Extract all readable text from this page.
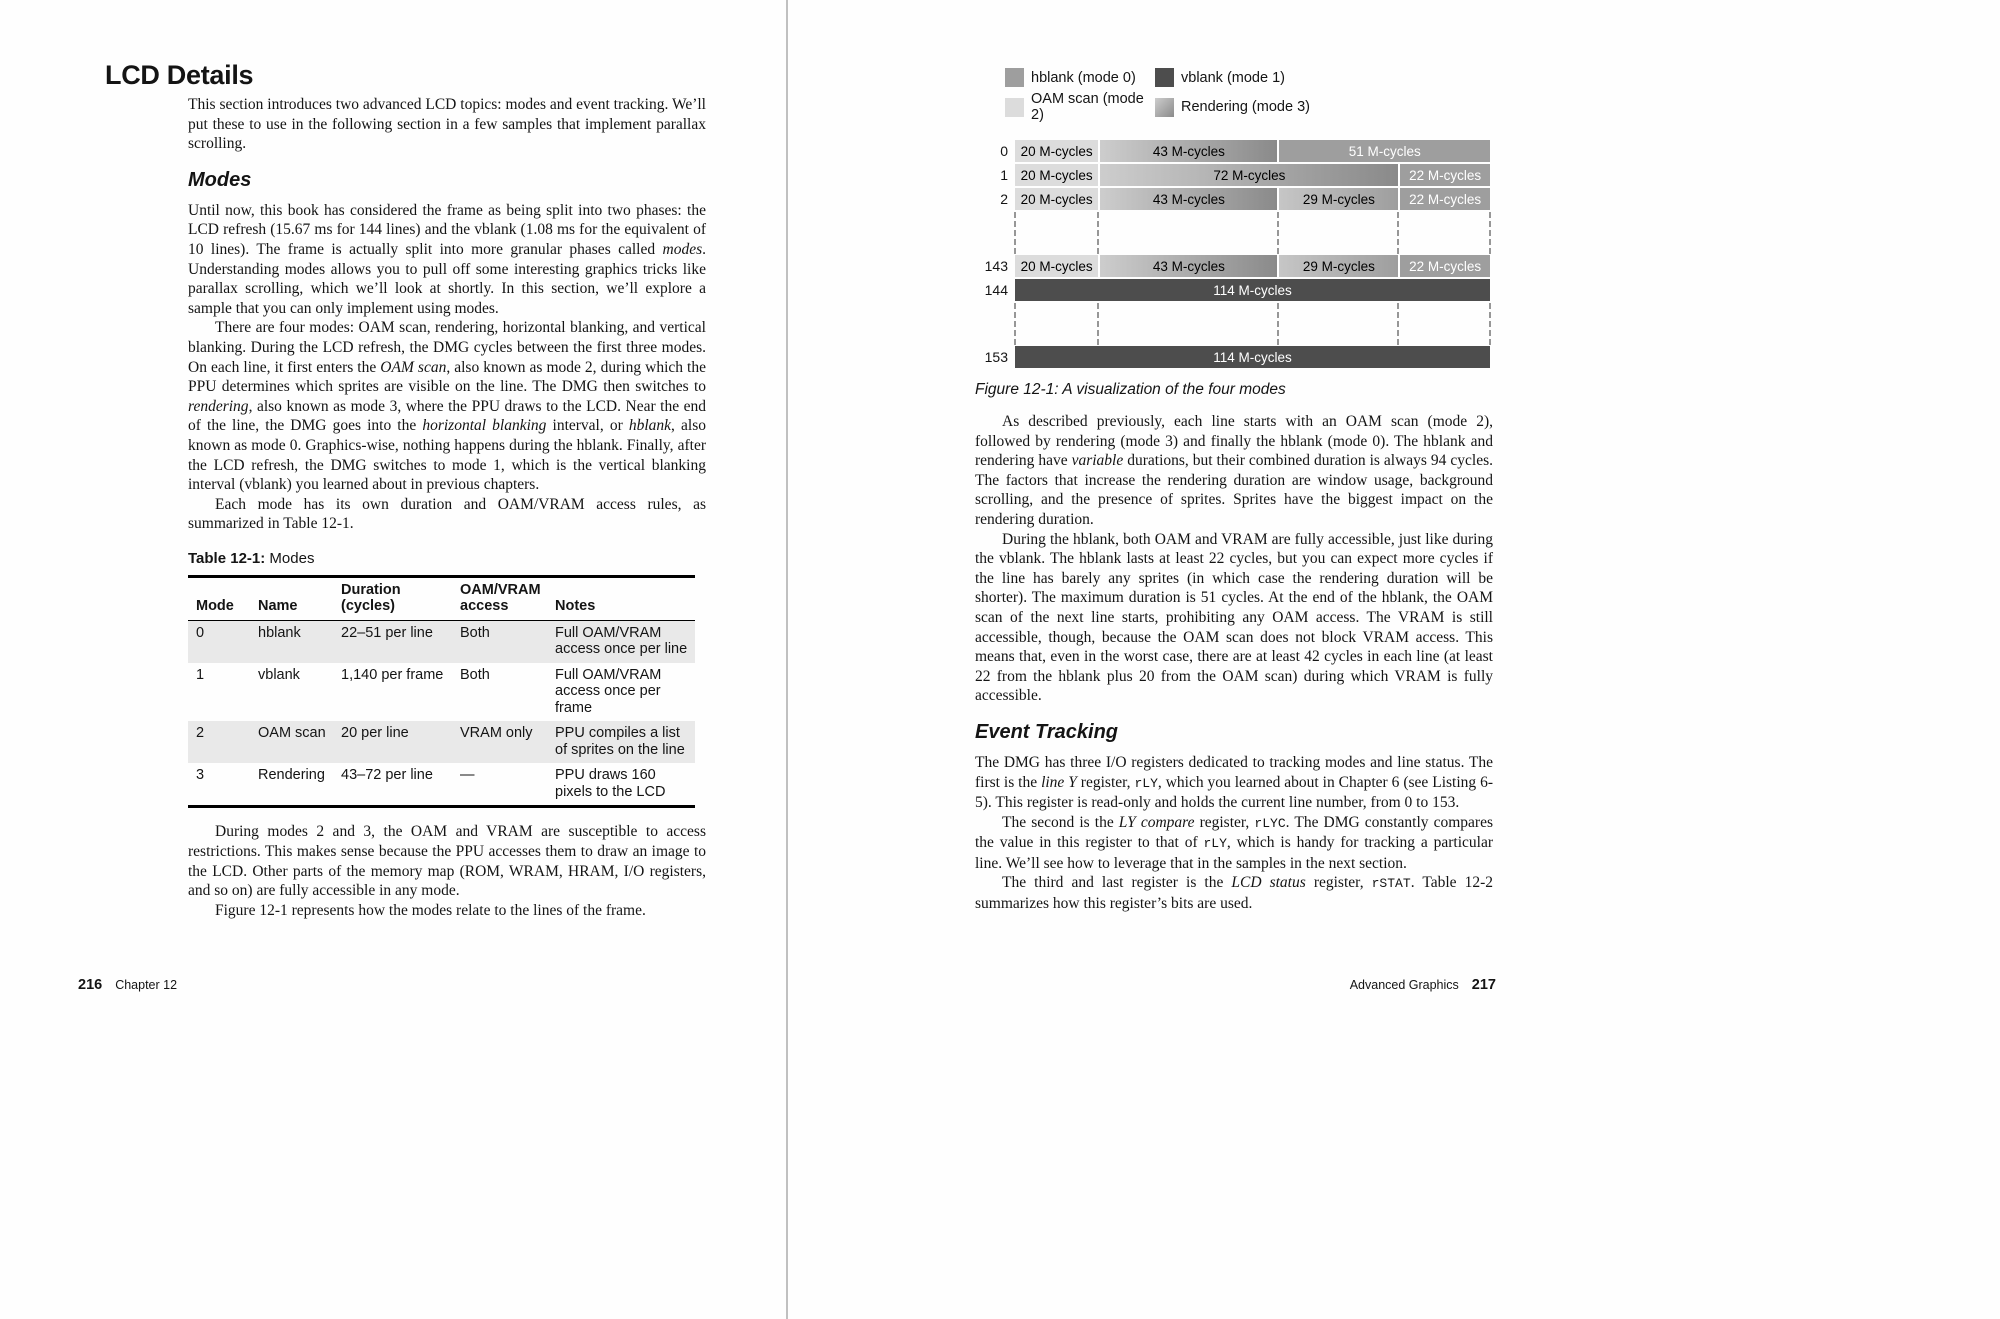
LCD Details

This section introduces two advanced LCD topics: modes and event tracking. We’ll put these to use in the following section in a few samples that implement parallax scrolling.

Modes

Until now, this book has considered the frame as being split into two phases: the LCD refresh (15.67 ms for 144 lines) and the vblank (1.08 ms for the equivalent of 10 lines). The frame is actually split into more granular phases called modes. Understanding modes allows you to pull off some interesting graphics tricks like parallax scrolling, which we’ll look at shortly. In this section, we’ll explore a sample that you can only implement using modes.

There are four modes: OAM scan, rendering, horizontal blanking, and vertical blanking. During the LCD refresh, the DMG cycles between the first three modes. On each line, it first enters the OAM scan, also known as mode 2, during which the PPU determines which sprites are visible on the line. The DMG then switches to rendering, also known as mode 3, where the PPU draws to the LCD. Near the end of the line, the DMG goes into the horizontal blanking interval, or hblank, also known as mode 0. Graphics-wise, nothing happens during the hblank. Finally, after the LCD refresh, the DMG switches to mode 1, which is the vertical blanking interval (vblank) you learned about in previous chapters.

Each mode has its own duration and OAM/VRAM access rules, as summarized in Table 12-1.

Table 12-1: Modes
Mode	Name	Duration (cycles)	OAM/VRAM access	Notes
0	hblank	22–51 per line	Both	Full OAM/VRAM access once per line
1	vblank	1,140 per frame	Both	Full OAM/VRAM access once per frame
2	OAM scan	20 per line	VRAM only	PPU compiles a list of sprites on the line
3	Rendering	43–72 per line	—	PPU draws 160 pixels to the LCD

During modes 2 and 3, the OAM and VRAM are susceptible to access restrictions. This makes sense because the PPU accesses them to draw an image to the LCD. Other parts of the memory map (ROM, WRAM, HRAM, I/O registers, and so on) are fully accessible in any mode.

Figure 12-1 represents how the modes relate to the lines of the frame.

216 Chapter 12
hblank (mode 0)	vblank (mode 1)
OAM scan (mode 2)	Rendering (mode 3)
0 20 M-cycles	43 M-cycles	51 M-cycles
1 20 M-cycles	72 M-cycles	22 M-cycles
2 20 M-cycles	43 M-cycles	29 M-cycles	22 M-cycles
143 20 M-cycles	43 M-cycles	29 M-cycles	22 M-cycles
144	114 M-cycles
153	114 M-cycles
Figure 12-1: A visualization of the four modes

As described previously, each line starts with an OAM scan (mode 2), followed by rendering (mode 3) and finally the hblank (mode 0). The hblank and rendering have variable durations, but their combined duration is always 94 cycles. The factors that increase the rendering duration are window usage, background scrolling, and the presence of sprites. Sprites have the biggest impact on the rendering duration.

During the hblank, both OAM and VRAM are fully accessible, just like during the vblank. The hblank lasts at least 22 cycles, but you can expect more cycles if the line has barely any sprites (in which case the rendering duration will be shorter). The maximum duration is 51 cycles. At the end of the hblank, the OAM scan of the next line starts, prohibiting any OAM access. The VRAM is still accessible, though, because the OAM scan does not block VRAM access. This means that, even in the worst case, there are at least 42 cycles in each line (at least 22 from the hblank plus 20 from the OAM scan) during which VRAM is fully accessible.

Event Tracking

The DMG has three I/O registers dedicated to tracking modes and line status. The first is the line Y register, rLY, which you learned about in Chapter 6 (see Listing 6-5). This register is read-only and holds the current line number, from 0 to 153.

The second is the LY compare register, rLYC. The DMG constantly compares the value in this register to that of rLY, which is handy for tracking a particular line. We’ll see how to leverage that in the samples in the next section.

The third and last register is the LCD status register, rSTAT. Table 12-2 summarizes how this register’s bits are used.

Advanced Graphics 217
